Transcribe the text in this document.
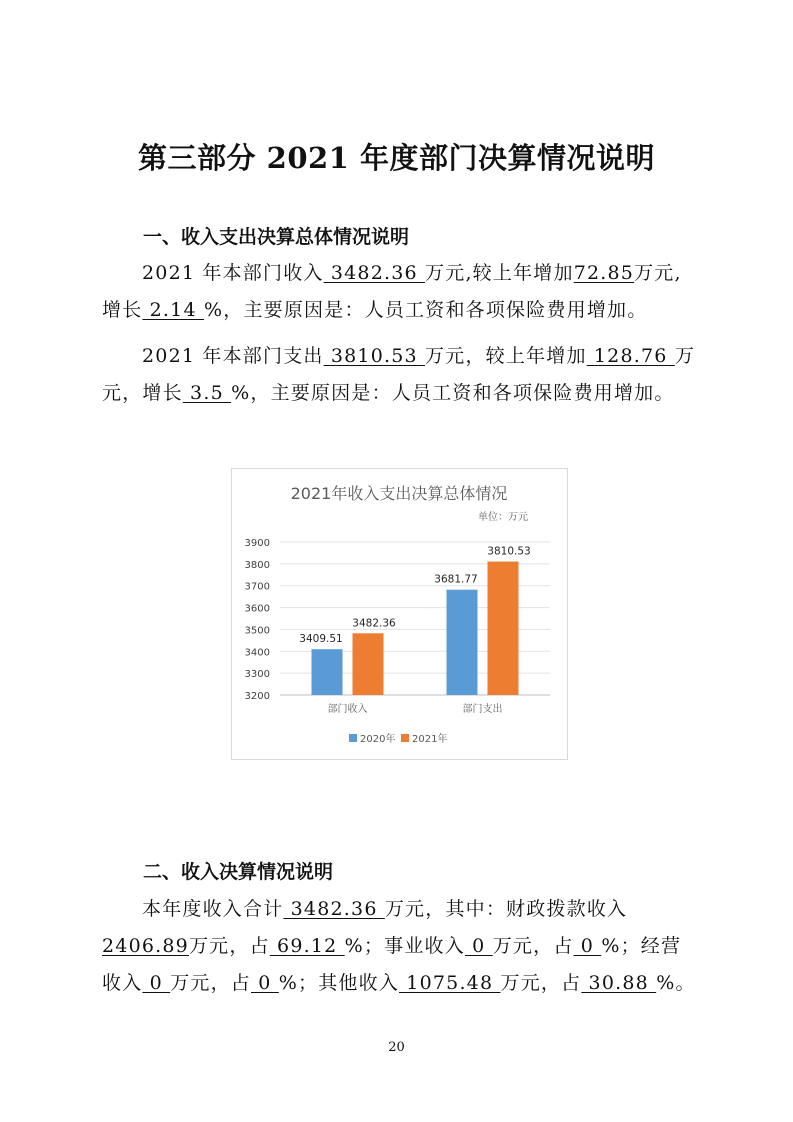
第三部分 2021 年度部门决算情况说明
一、收入支出决算总体情况说明
2021 年本部门收入 3482.36 万元,较上年增加72.85万元,
增长 2.14 %，主要原因是：人员工资和各项保险费用增加。
2021 年本部门支出 3810.53 万元，较上年增加 128.76 万
元，增长 3.5 %，主要原因是：人员工资和各项保险费用增加。
2021年收入支出决算总体情况
单位：万元
3900
3800
3700
3600
3500
3400
3300
3200
3409.51
3482.36
3681.77
3810.53
部门收入	部门支出
2020年 2021年
二、收入决算情况说明
本年度收入合计 3482.36 万元，其中：财政拨款收入
2406.89万元，占 69.12 %；事业收入 0 万元，占 0 %；经营
收入 0 万元，占 0 %；其他收入 1075.48 万元，占 30.88 %。
20
